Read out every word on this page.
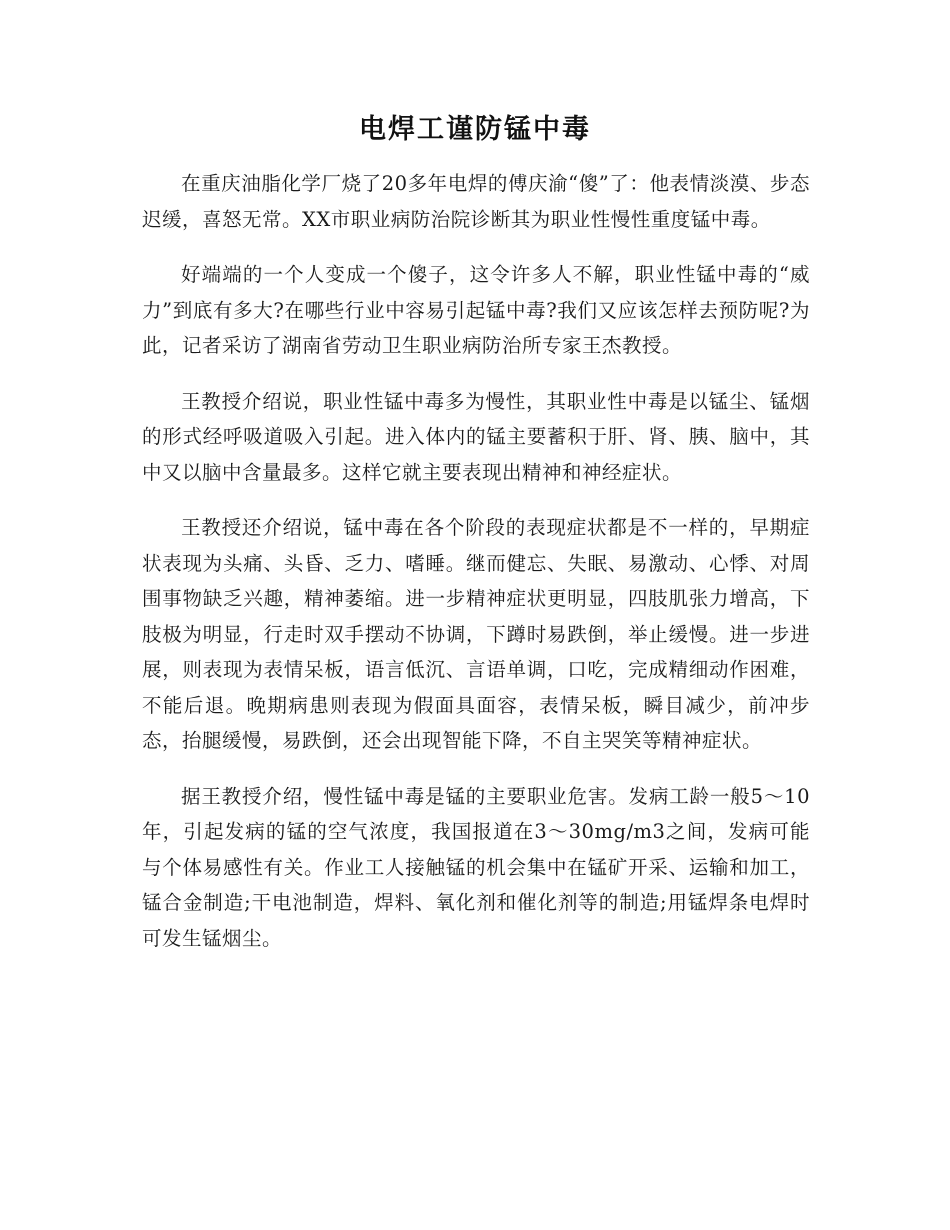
电焊工谨防锰中毒

在重庆油脂化学厂烧了20多年电焊的傅庆渝“傻”了：他表情淡漠、步态迟缓，喜怒无常。XX市职业病防治院诊断其为职业性慢性重度锰中毒。

好端端的一个人变成一个傻子，这令许多人不解，职业性锰中毒的“威力”到底有多大?在哪些行业中容易引起锰中毒?我们又应该怎样去预防呢?为此，记者采访了湖南省劳动卫生职业病防治所专家王杰教授。

王教授介绍说，职业性锰中毒多为慢性，其职业性中毒是以锰尘、锰烟的形式经呼吸道吸入引起。进入体内的锰主要蓄积于肝、肾、胰、脑中，其中又以脑中含量最多。这样它就主要表现出精神和神经症状。

王教授还介绍说，锰中毒在各个阶段的表现症状都是不一样的，早期症状表现为头痛、头昏、乏力、嗜睡。继而健忘、失眠、易激动、心悸、对周围事物缺乏兴趣，精神萎缩。进一步精神症状更明显，四肢肌张力增高，下肢极为明显，行走时双手摆动不协调，下蹲时易跌倒，举止缓慢。进一步进展，则表现为表情呆板，语言低沉、言语单调，口吃，完成精细动作困难，不能后退。晚期病患则表现为假面具面容，表情呆板，瞬目减少，前冲步态，抬腿缓慢，易跌倒，还会出现智能下降，不自主哭笑等精神症状。

据王教授介绍，慢性锰中毒是锰的主要职业危害。发病工龄一般5～10年，引起发病的锰的空气浓度，我国报道在3～30mg/m3之间，发病可能与个体易感性有关。作业工人接触锰的机会集中在锰矿开采、运输和加工，锰合金制造;干电池制造，焊料、氧化剂和催化剂等的制造;用锰焊条电焊时可发生锰烟尘。
